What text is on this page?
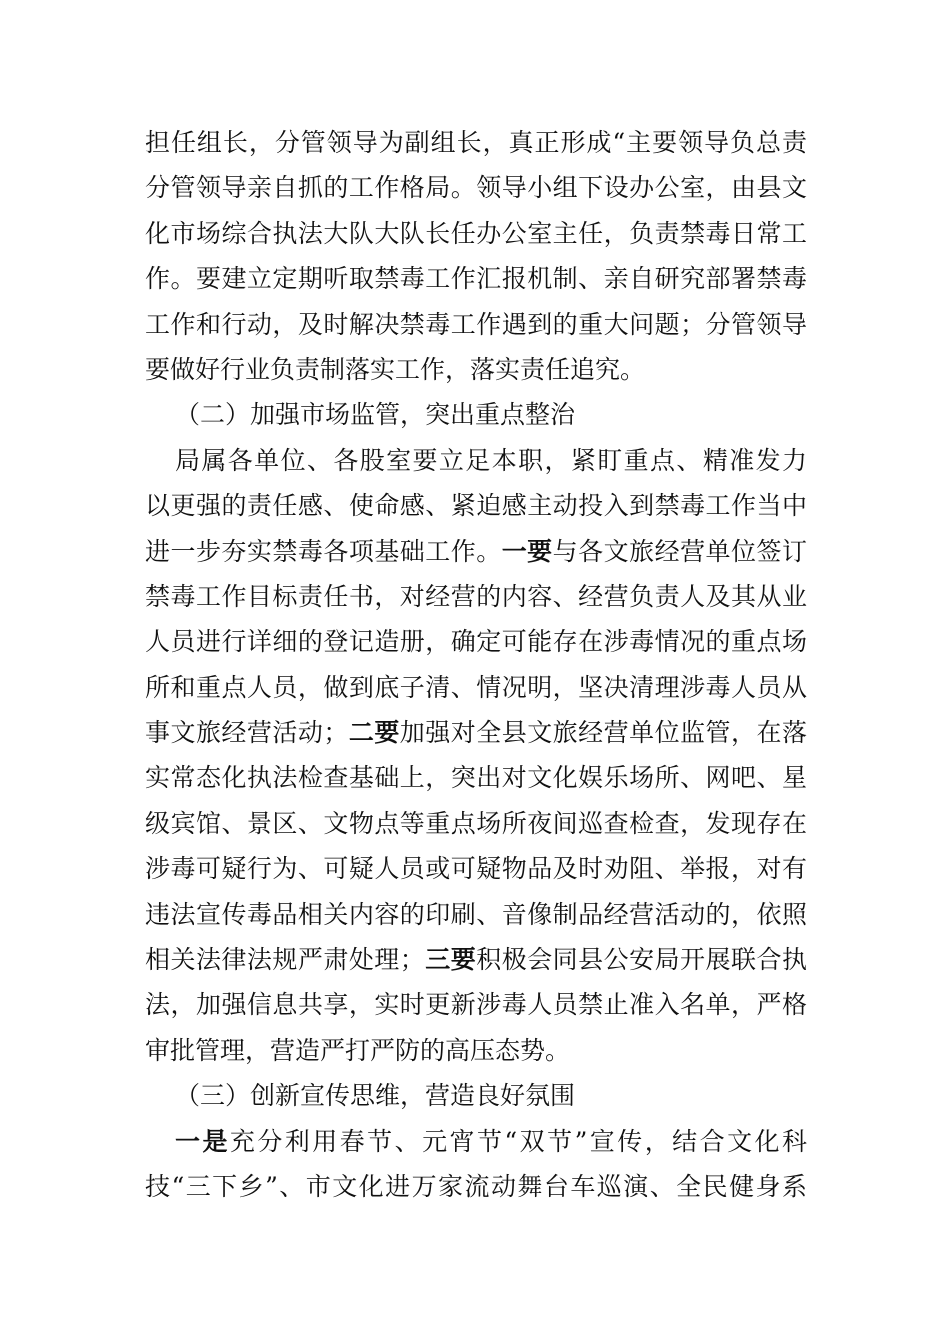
担任组长，分管领导为副组长，真正形成“主要领导负总责
分管领导亲自抓的工作格局。领导小组下设办公室，由县文
化市场综合执法大队大队长任办公室主任，负责禁毒日常工
作。要建立定期听取禁毒工作汇报机制、亲自研究部署禁毒
工作和行动，及时解决禁毒工作遇到的重大问题；分管领导
要做好行业负责制落实工作，落实责任追究。
（二）加强市场监管，突出重点整治
局属各单位、各股室要立足本职，紧盯重点、精准发力
以更强的责任感、使命感、紧迫感主动投入到禁毒工作当中
进一步夯实禁毒各项基础工作。一要与各文旅经营单位签订
禁毒工作目标责任书，对经营的内容、经营负责人及其从业
人员进行详细的登记造册，确定可能存在涉毒情况的重点场
所和重点人员，做到底子清、情况明，坚决清理涉毒人员从
事文旅经营活动；二要加强对全县文旅经营单位监管，在落
实常态化执法检查基础上，突出对文化娱乐场所、网吧、星
级宾馆、景区、文物点等重点场所夜间巡查检查，发现存在
涉毒可疑行为、可疑人员或可疑物品及时劝阻、举报，对有
违法宣传毒品相关内容的印刷、音像制品经营活动的，依照
相关法律法规严肃处理；三要积极会同县公安局开展联合执
法，加强信息共享，实时更新涉毒人员禁止准入名单，严格
审批管理，营造严打严防的高压态势。
（三）创新宣传思维，营造良好氛围
一是充分利用春节、元宵节“双节”宣传，结合文化科
技“三下乡”、市文化进万家流动舞台车巡演、全民健身系
